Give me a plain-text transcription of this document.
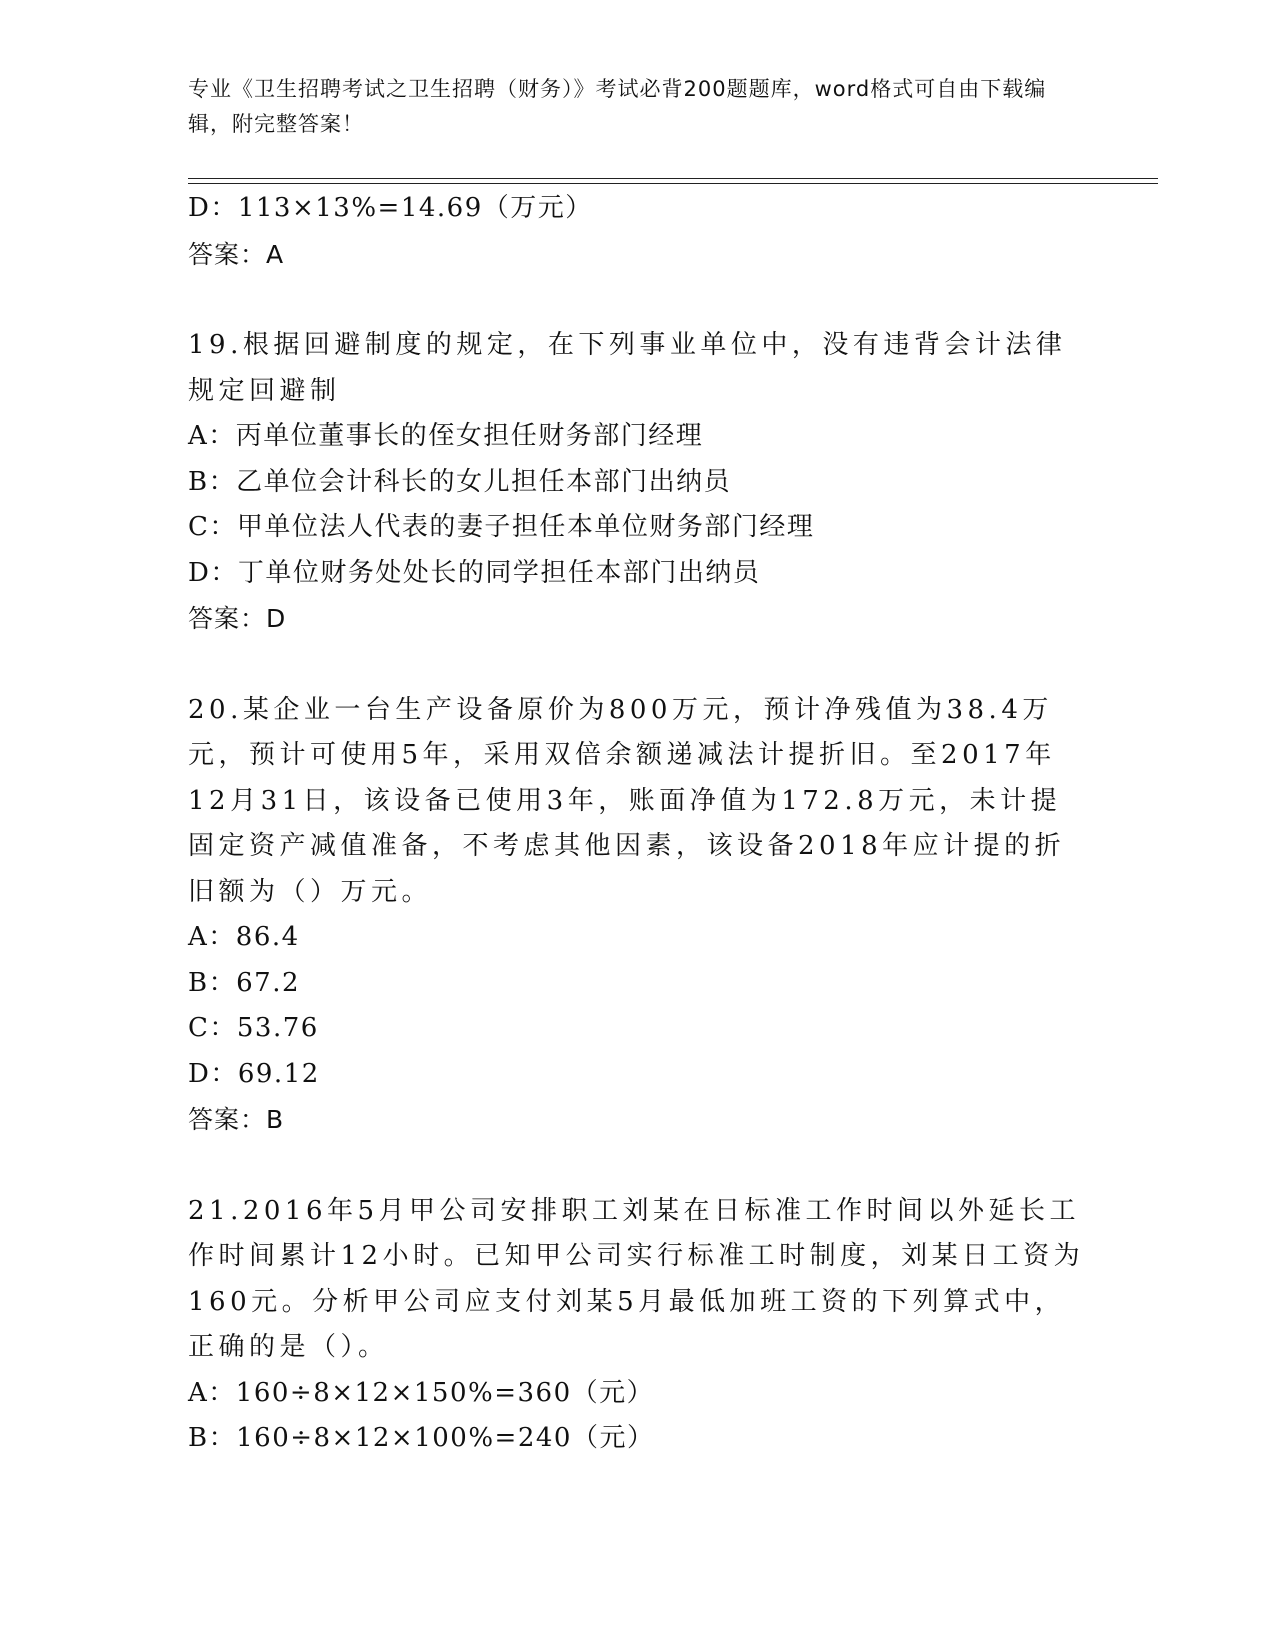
专业《卫生招聘考试之卫生招聘（财务）》考试必背200题题库，word格式可自由下载编辑，附完整答案！
D：113×13%=14.69（万元）
答案：A
19.根据回避制度的规定，在下列事业单位中，没有违背会计法律规定回避制
A：丙单位董事长的侄女担任财务部门经理
B：乙单位会计科长的女儿担任本部门出纳员
C：甲单位法人代表的妻子担任本单位财务部门经理
D：丁单位财务处处长的同学担任本部门出纳员
答案：D
20.某企业一台生产设备原价为800万元，预计净残值为38.4万元，预计可使用5年，采用双倍余额递减法计提折旧。至2017年12月31日，该设备已使用3年，账面净值为172.8万元，未计提固定资产减值准备，不考虑其他因素，该设备2018年应计提的折旧额为（）万元。
A：86.4
B：67.2
C：53.76
D：69.12
答案：B
21.2016年5月甲公司安排职工刘某在日标准工作时间以外延长工作时间累计12小时。已知甲公司实行标准工时制度，刘某日工资为160元。分析甲公司应支付刘某5月最低加班工资的下列算式中，正确的是（）。
A：160÷8×12×150%=360（元）
B：160÷8×12×100%=240（元）
